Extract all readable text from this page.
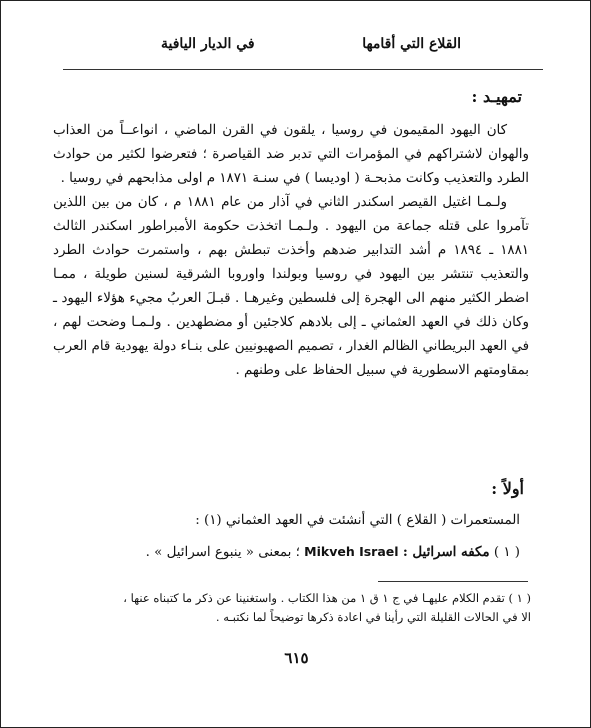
القلاع التي أقامها
في الديار اليافية
تمهيـد :

كان اليهود المقيمون في روسيا ، يلقون في القرن الماضي ، انواعــاً من العذاب والهوان لاشتراكهم في المؤمرات التي تدبر ضد القياصرة ؛ فتعرضوا لكثير من حوادث الطرد والتعذيب وكانت مذبحـة ( اوديسا ) في سنـة ١٨٧١ م اولى مذابحهم في روسيا .

ولـمـا اغتيل القيصر اسكندر الثاني في آذار من عام ١٨٨١ م ، كان من بين اللذين تآمروا على قتله جماعة من اليهود . ولـمـا اتخذت حكومة الأمبراطور اسكندر الثالث ١٨٨١ ـ ١٨٩٤ م أشد التدابير ضدهم وأخذت تبطش بهم ، واستمرت حوادث الطرد والتعذيب تنتشر بين اليهود في روسيا وبولندا واوروبا الشرقية لسنين طويلة ، ممـا اضطر الكثير منهم الى الهجرة إلى فلسطين وغيرهـا . قبـلَ العربُ مجيء هؤلاء اليهود ـ وكان ذلك في العهد العثماني ـ إلى بلادهم كلاجئين أو مضطهدين . ولـمـا وضحت لهم ، في العهد البريطاني الظالم الغدار ، تصميم الصهيونيين على بنـاء دولة يهودية قام العرب بمقاومتهم الاسطورية في سبيل الحفاظ على وطنهم .

أولاً :
المستعمرات ( القلاع ) التي أنشئت في العهد العثماني (١) :
( ١ ) مكفه اسرائيل : Mikveh Israel ؛ بمعنى « ينبوع اسرائيل » .
( ١ ) تقدم الكلام عليهـا في ج ١ ق ١ من هذا الكتاب . واستغنينا عن ذكر ما كتبناه عنها ،
الا في الحالات القليلة التي رأينا في اعادة ذكرها توضيحاً لما نكتبـه .
٦١٥
